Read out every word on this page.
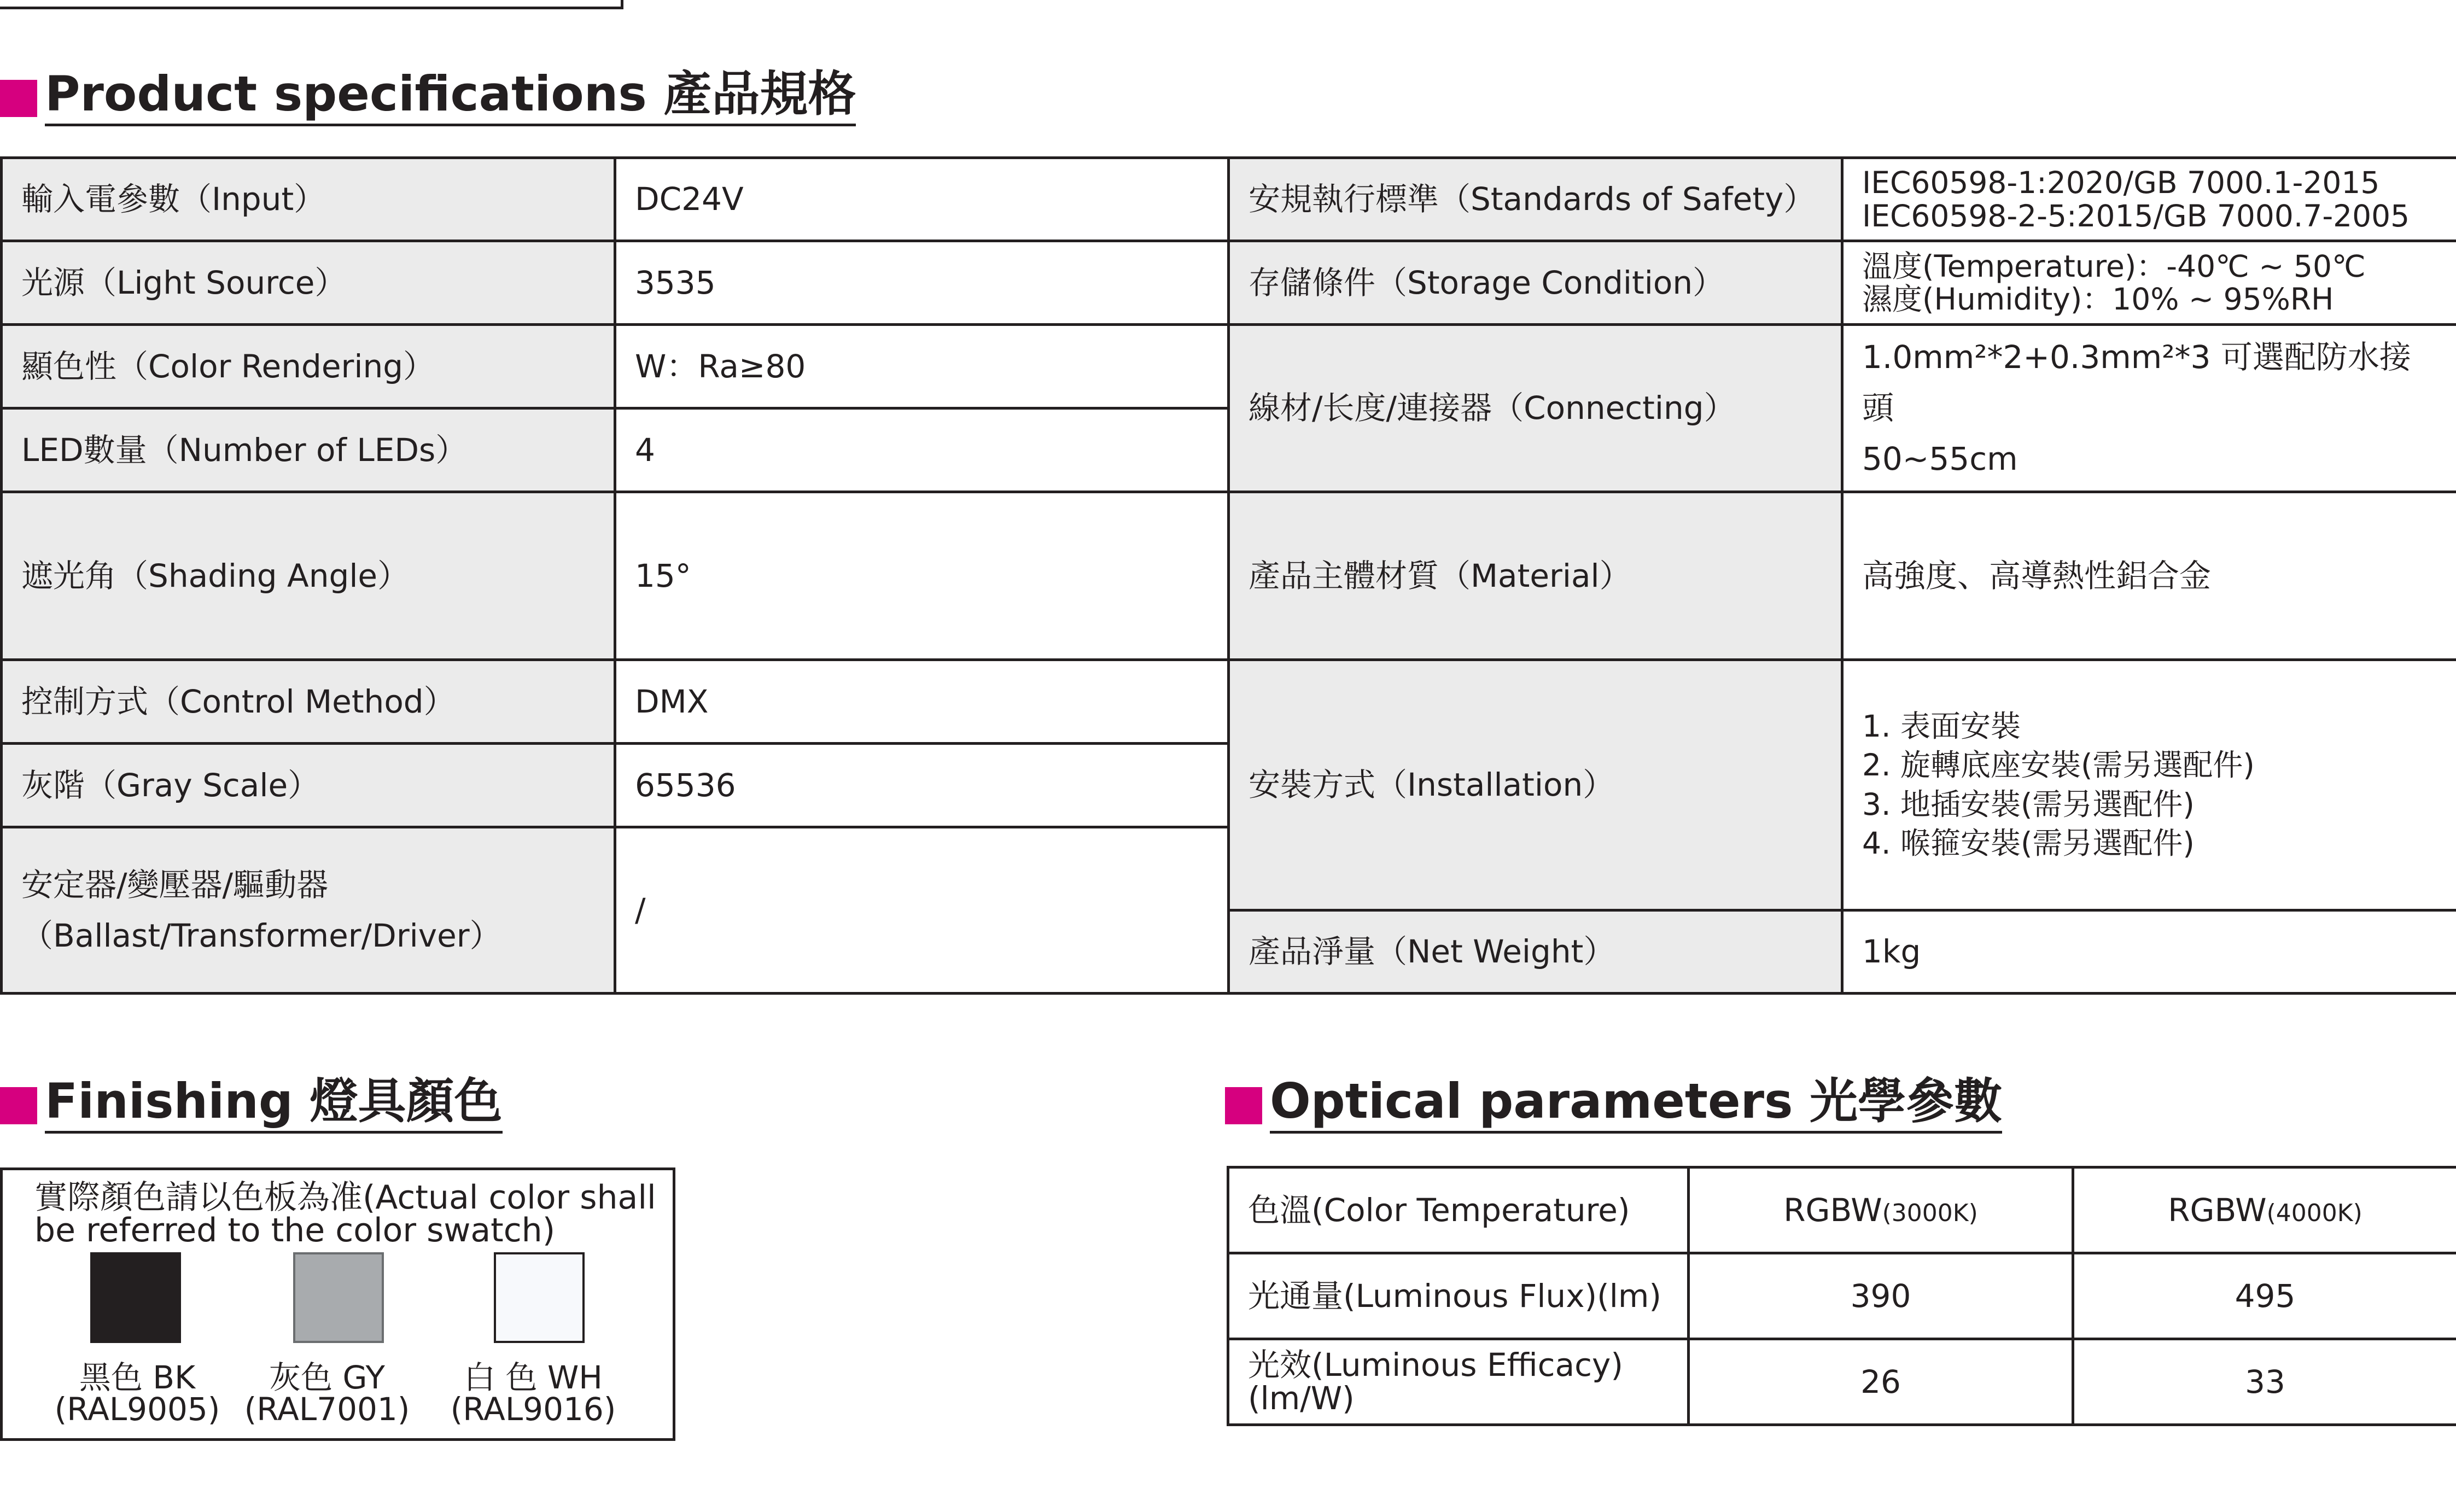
Product specifications 產品規格
輸入電參數（Input）	DC24V	安規執行標準（Standards of Safety）	IEC60598-1:2020/GB 7000.1-2015
IEC60598-2-5:2015/GB 7000.7-2005
光源（Light Source）	3535	存儲條件（Storage Condition）	溫度(Temperature)：-40℃ ~ 50℃
濕度(Humidity)：10% ~ 95%RH
顯色性（Color Rendering）	W：Ra≥80	線材/长度/連接器（Connecting）	1.0mm²*2+0.3mm²*3 可選配防水接頭
50~55cm
LED數量（Number of LEDs）	4		
遮光角（Shading Angle）	15°	產品主體材質（Material）	高強度、高導熱性鋁合金
控制方式（Control Method）	DMX	安裝方式（Installation）	1. 表面安裝
2. 旋轉底座安裝(需另選配件)
3. 地插安裝(需另選配件)
4. 喉箍安裝(需另選配件)
灰階（Gray Scale）	65536		
安定器/變壓器/驅動器
（Ballast/Transformer/Driver）	/		
		產品淨量（Net Weight）	1kg
Finishing 燈具顏色
實際顏色請以色板為准(Actual color shall be referred to the color swatch)
黑色 BK
(RAL9005)
灰色 GY
(RAL7001)
白 色 WH
(RAL9016)
Optical parameters 光學參數
色溫(Color Temperature)	RGBW(3000K)	RGBW(4000K)
光通量(Luminous Flux)(lm)	390	495
光效(Luminous Efficacy)(lm/W)	26	33
